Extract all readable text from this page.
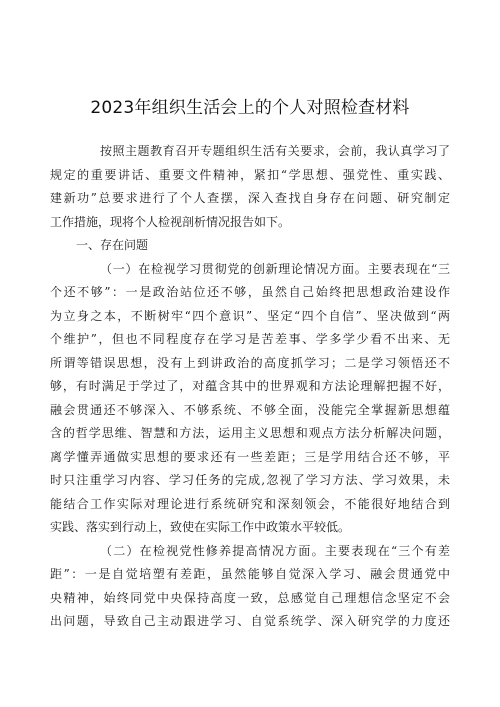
2023年组织生活会上的个人对照检查材料
按照主题教育召开专题组织生活有关要求，会前，我认真学习了
规定的重要讲话、重要文件精神，紧扣“学思想、强党性、重实践、
建新功”总要求进行了个人查摆，深入查找自身存在问题、研究制定
工作措施，现将个人检视剖析情况报告如下。
一、存在问题
（一）在检视学习贯彻党的创新理论情况方面。主要表现在“三
个还不够”：一是政治站位还不够，虽然自己始终把思想政治建设作
为立身之本，不断树牢“四个意识”、坚定“四个自信”、坚决做到“两
个维护”，但也不同程度存在学习是苦差事、学多学少看不出来、无
所谓等错误思想，没有上到讲政治的高度抓学习；二是学习领悟还不
够，有时满足于学过了，对蕴含其中的世界观和方法论理解把握不好，
融会贯通还不够深入、不够系统、不够全面，没能完全掌握新思想蕴
含的哲学思维、智慧和方法，运用主义思想和观点方法分析解决问题，
离学懂弄通做实思想的要求还有一些差距；三是学用结合还不够，平
时只注重学习内容、学习任务的完成,忽视了学习方法、学习效果，未
能结合工作实际对理论进行系统研究和深刻领会，不能很好地结合到
实践、落实到行动上，致使在实际工作中政策水平较低。
（二）在检视党性修养提高情况方面。主要表现在“三个有差
距”：一是自觉培塑有差距，虽然能够自觉深入学习、融会贯通党中
央精神，始终同党中央保持高度一致，总感觉自己理想信念坚定不会
出问题，导致自己主动跟进学习、自觉系统学、深入研究学的力度还
